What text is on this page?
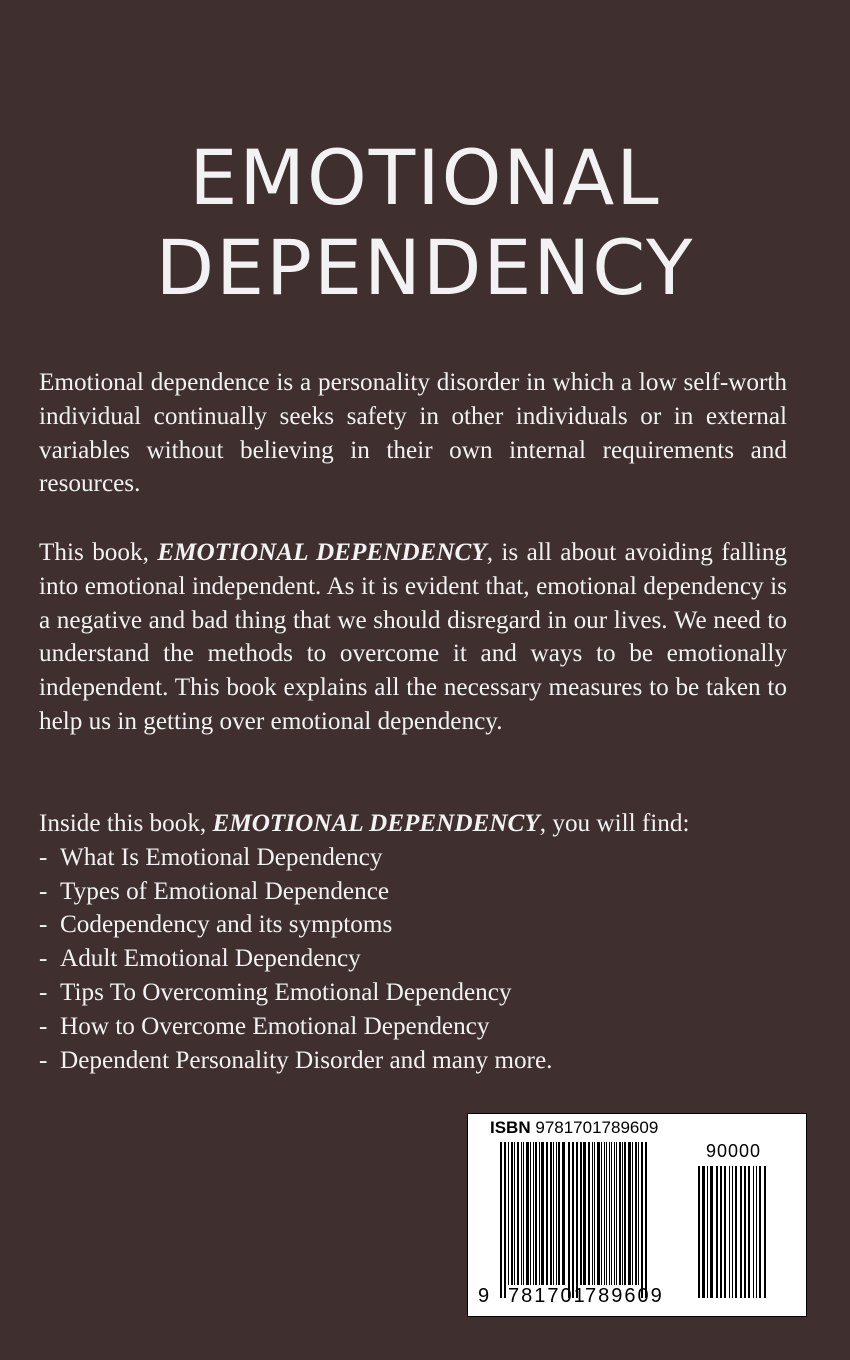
EMOTIONAL
DEPENDENCY

Emotional dependence is a personality disorder in which a low self-worth individual continually seeks safety in other individuals or in external variables without believing in their own internal requirements and resources.

This book, EMOTIONAL DEPENDENCY, is all about avoiding falling into emotional independent. As it is evident that, emotional dependency is a negative and bad thing that we should disregard in our lives. We need to understand the methods to overcome it and ways to be emotionally independent. This book explains all the necessary measures to be taken to help us in getting over emotional dependency.

Inside this book, EMOTIONAL DEPENDENCY, you will find:

- What Is Emotional Dependency
- Types of Emotional Dependence
- Codependency and its symptoms
- Adult Emotional Dependency
- Tips To Overcoming Emotional Dependency
- How to Overcome Emotional Dependency
- Dependent Personality Disorder and many more.
ISBN 9781701789609
90000
9 781701
789609
